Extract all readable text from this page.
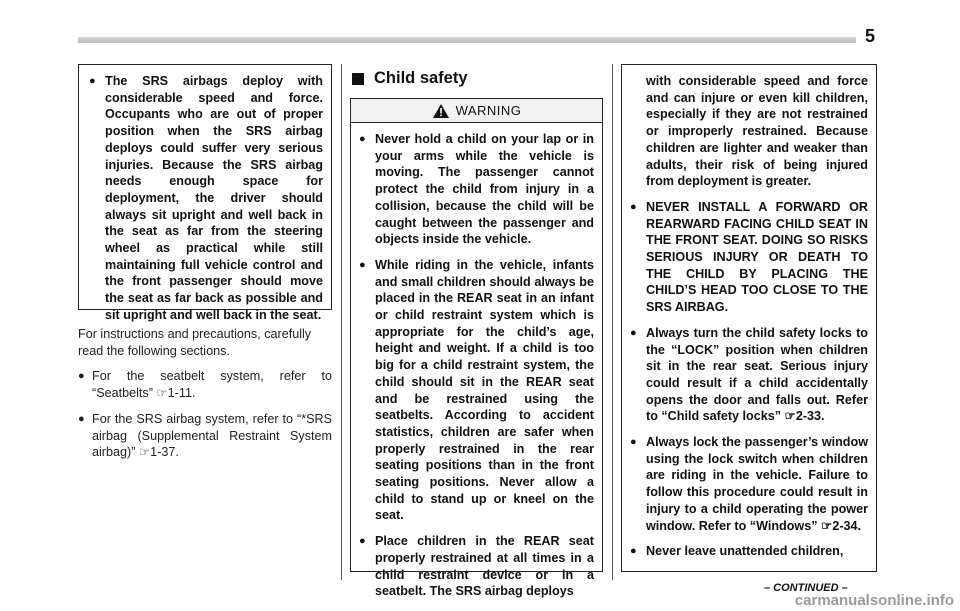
5
● The SRS airbags deploy with considerable speed and force. Occupants who are out of proper position when the SRS airbag deploys could suffer very serious injuries. Because the SRS airbag needs enough space for deployment, the driver should always sit upright and well back in the seat as far from the steering wheel as practical while still maintaining full vehicle control and the front passenger should move the seat as far back as possible and sit upright and well back in the seat.
For instructions and precautions, carefully read the following sections.
● For the seatbelt system, refer to “Seatbelts” ☞1-11.
● For the SRS airbag system, refer to “*SRS airbag (Supplemental Restraint System airbag)” ☞1-37.
Child safety
WARNING
● Never hold a child on your lap or in your arms while the vehicle is moving. The passenger cannot protect the child from injury in a collision, because the child will be caught between the passenger and objects inside the vehicle.
● While riding in the vehicle, infants and small children should always be placed in the REAR seat in an infant or child restraint system which is appropriate for the child’s age, height and weight. If a child is too big for a child restraint system, the child should sit in the REAR seat and be restrained using the seatbelts. According to accident statistics, children are safer when properly restrained in the rear seating positions than in the front seating positions. Never allow a child to stand up or kneel on the seat.
● Place children in the REAR seat properly restrained at all times in a child restraint device or in a seatbelt. The SRS airbag deploys
with considerable speed and force and can injure or even kill children, especially if they are not restrained or improperly restrained. Because children are lighter and weaker than adults, their risk of being injured from deployment is greater.
● NEVER INSTALL A FORWARD OR REARWARD FACING CHILD SEAT IN THE FRONT SEAT. DOING SO RISKS SERIOUS INJURY OR DEATH TO THE CHILD BY PLACING THE CHILD’S HEAD TOO CLOSE TO THE SRS AIRBAG.
● Always turn the child safety locks to the “LOCK” position when children sit in the rear seat. Serious injury could result if a child accidentally opens the door and falls out. Refer to “Child safety locks” ☞2-33.
● Always lock the passenger’s window using the lock switch when children are riding in the vehicle. Failure to follow this procedure could result in injury to a child operating the power window. Refer to “Windows” ☞2-34.
● Never leave unattended children,
– CONTINUED –
carmanualsonline.info
